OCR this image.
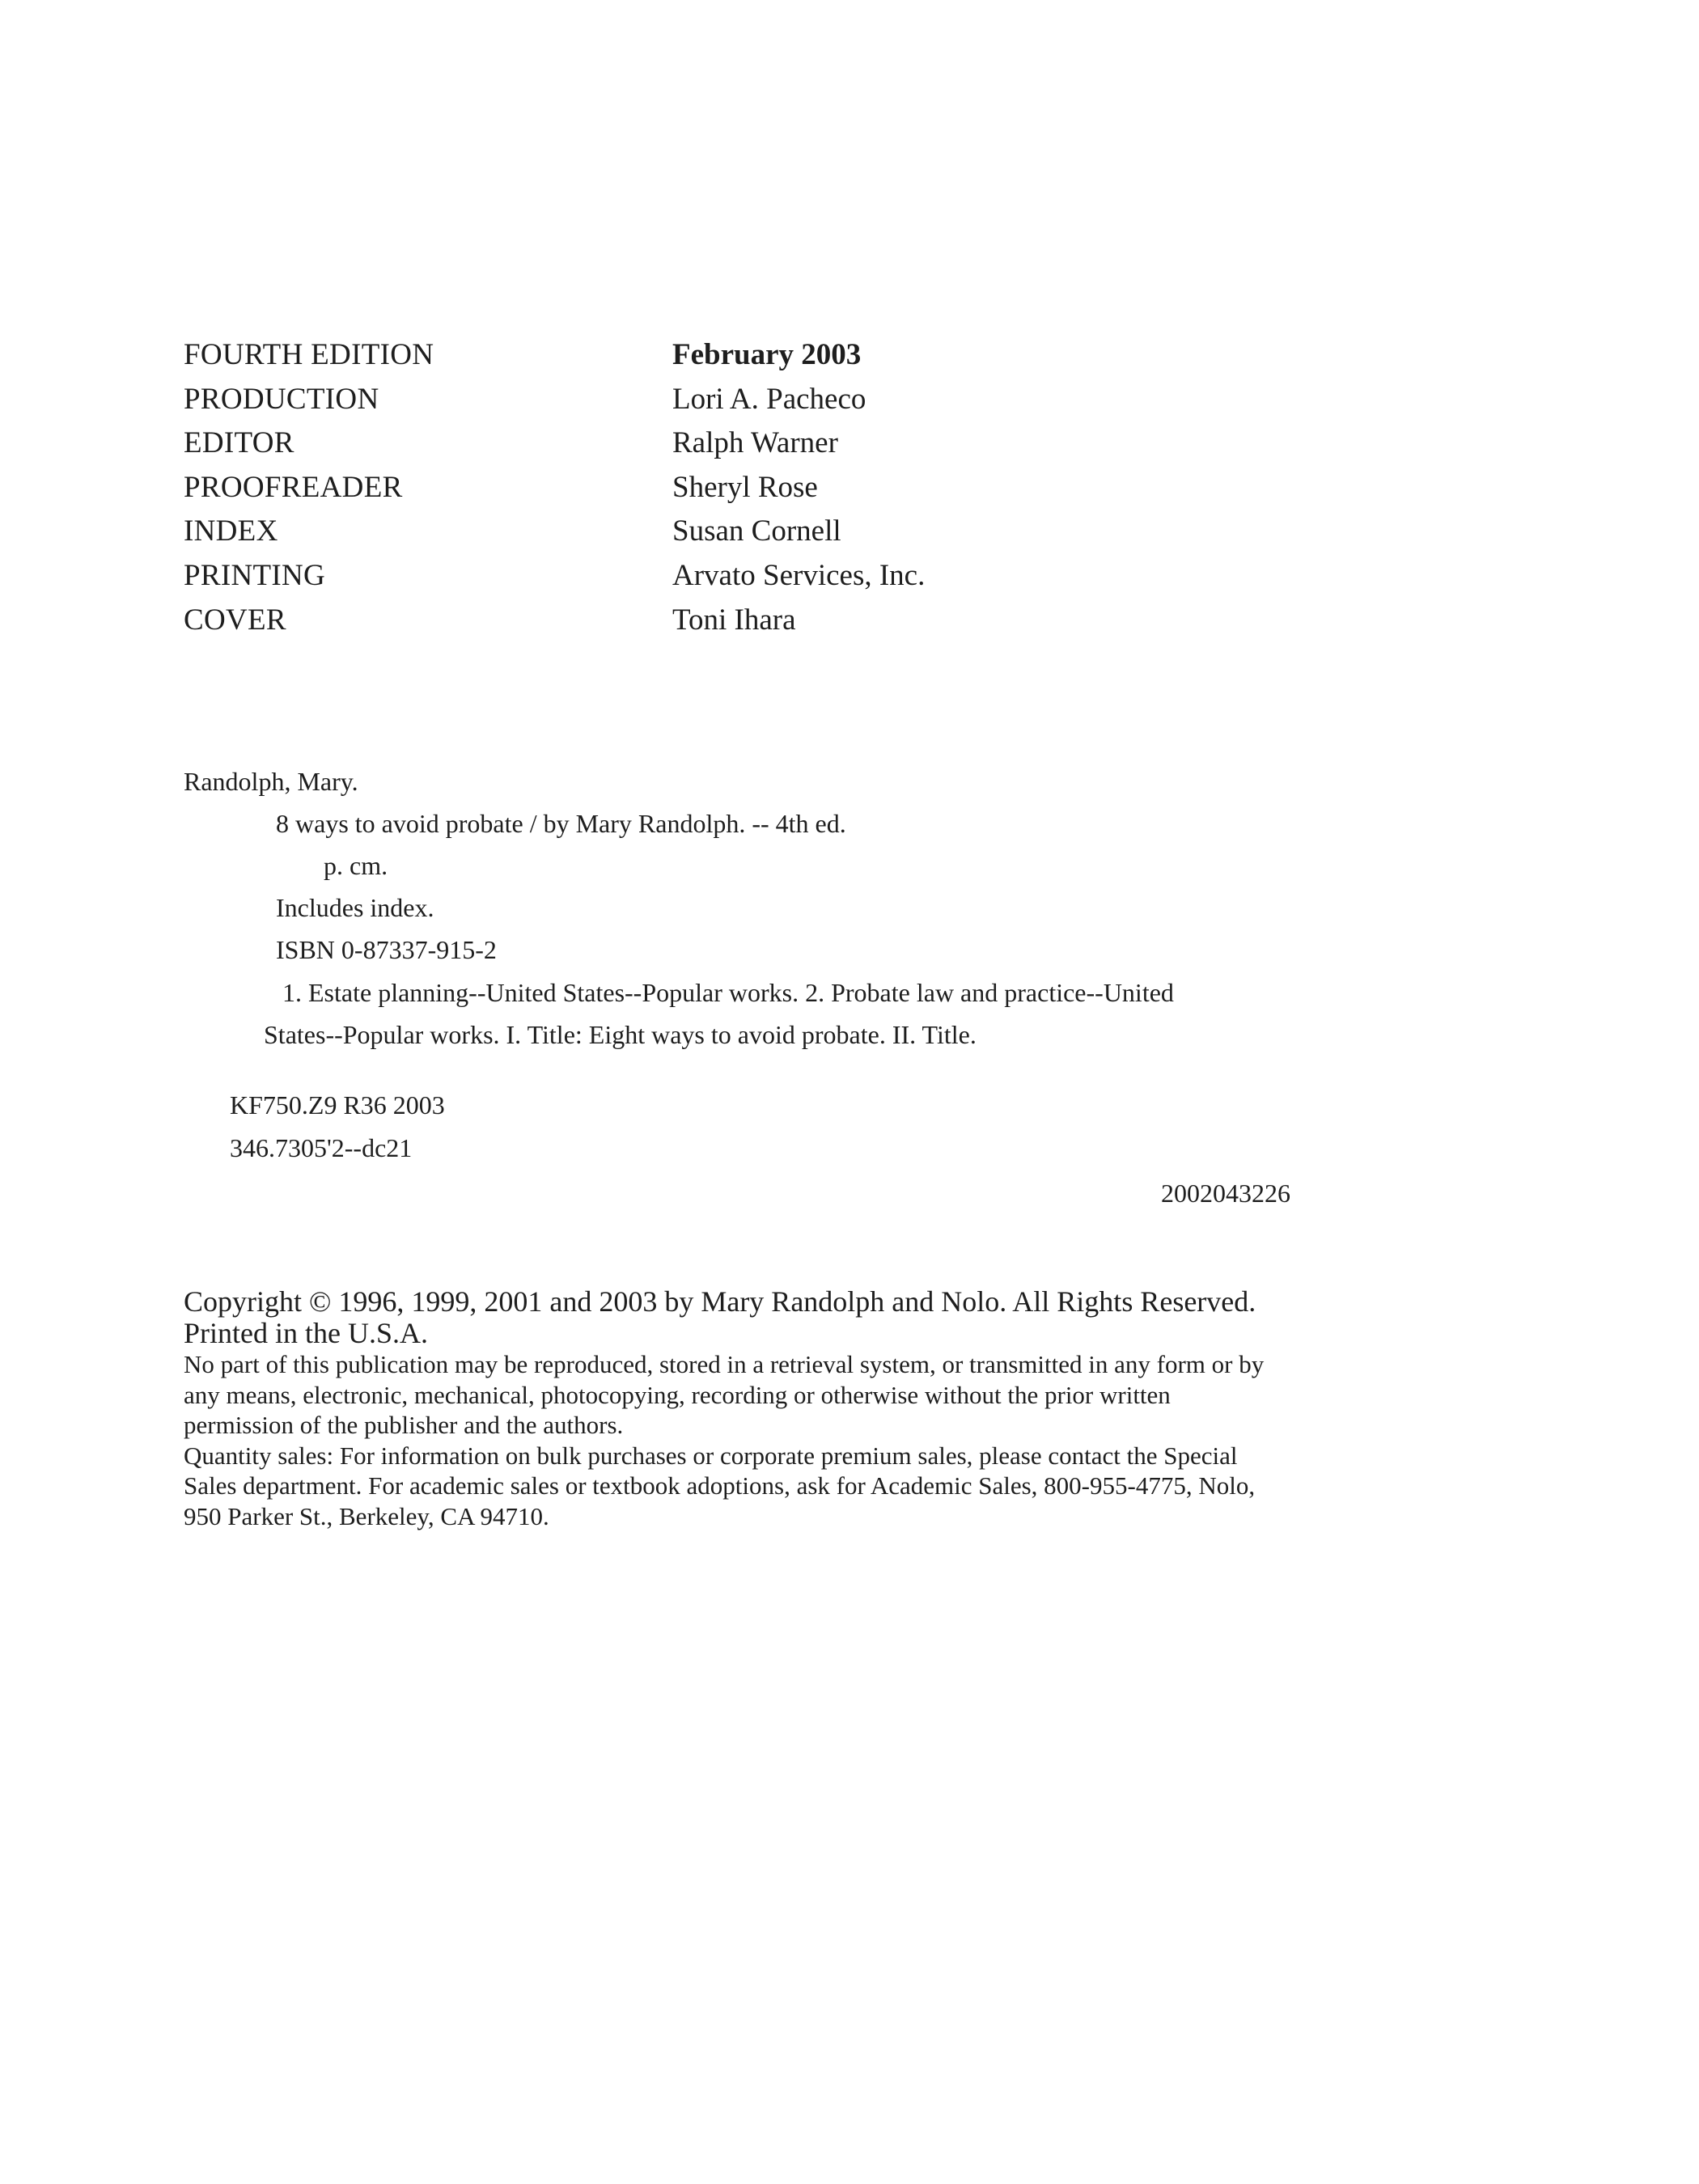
FOURTH EDITION	February 2003
PRODUCTION	Lori A. Pacheco
EDITOR	Ralph Warner
PROOFREADER	Sheryl Rose
INDEX	Susan Cornell
PRINTING	Arvato Services, Inc.
COVER	Toni Ihara
Randolph, Mary.
8 ways to avoid probate / by Mary Randolph. -- 4th ed.
p. cm.
Includes index.
ISBN 0-87337-915-2
1. Estate planning--United States--Popular works. 2. Probate law and practice--United
States--Popular works. I. Title: Eight ways to avoid probate. II. Title.
KF750.Z9 R36 2003
346.7305'2--dc21
2002043226

Copyright © 1996, 1999, 2001 and 2003 by Mary Randolph and Nolo. All Rights Reserved.

Printed in the U.S.A.

No part of this publication may be reproduced, stored in a retrieval system, or transmitted in any form or by

any means, electronic, mechanical, photocopying, recording or otherwise without the prior written

permission of the publisher and the authors.

Quantity sales: For information on bulk purchases or corporate premium sales, please contact the Special

Sales department. For academic sales or textbook adoptions, ask for Academic Sales, 800-955-4775, Nolo,

950 Parker St., Berkeley, CA 94710.
